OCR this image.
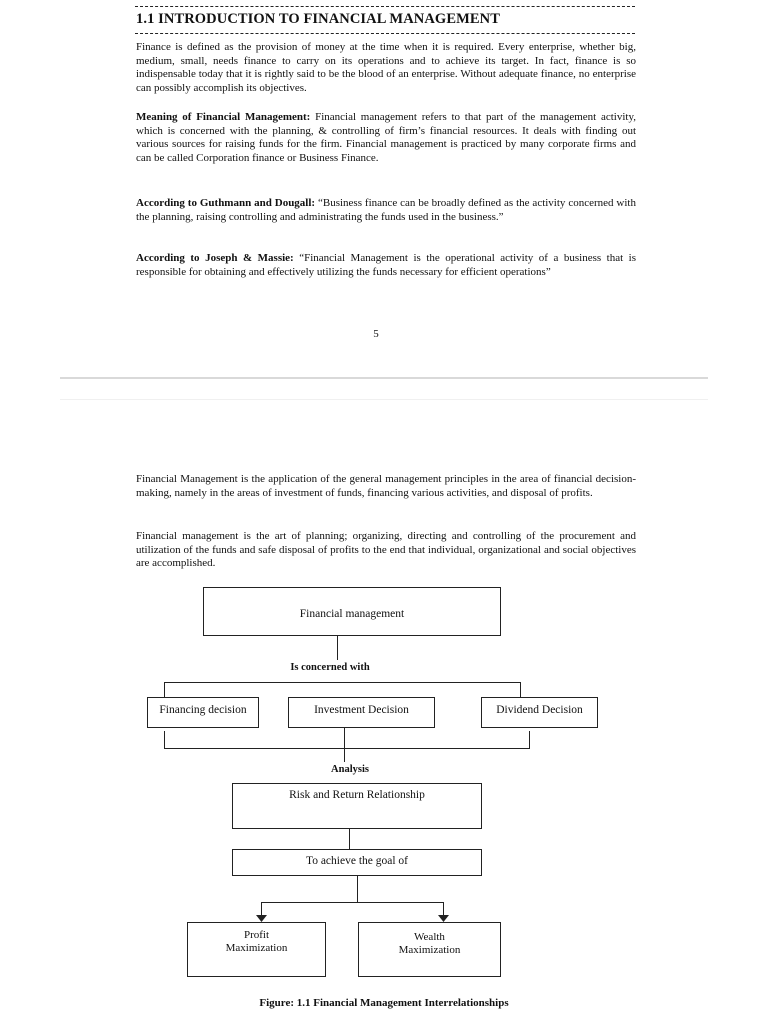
1.1 INTRODUCTION TO FINANCIAL MANAGEMENT

Finance is defined as the provision of money at the time when it is required. Every enterprise, whether big, medium, small, needs finance to carry on its operations and to achieve its target. In fact, finance is so indispensable today that it is rightly said to be the blood of an enterprise. Without adequate finance, no enterprise can possibly accomplish its objectives.

Meaning of Financial Management: Financial management refers to that part of the management activity, which is concerned with the planning, & controlling of firm’s financial resources. It deals with finding out various sources for raising funds for the firm. Financial management is practiced by many corporate firms and can be called Corporation finance or Business Finance.

According to Guthmann and Dougall: “Business finance can be broadly defined as the activity concerned with the planning, raising controlling and administrating the funds used in the business.”

According to Joseph & Massie: “Financial Management is the operational activity of a business that is responsible for obtaining and effectively utilizing the funds necessary for efficient operations”

5

Financial Management is the application of the general management principles in the area of financial decision-making, namely in the areas of investment of funds, financing various activities, and disposal of profits.

Financial management is the art of planning; organizing, directing and controlling of the procurement and utilization of the funds and safe disposal of profits to the end that individual, organizational and social objectives are accomplished.

Financial management
Is concerned with
Financing decision	Investment Decision	Dividend Decision
Analysis
Risk and Return Relationship
To achieve the goal of
Profit
Maximization
Wealth
Maximization
Figure: 1.1 Financial Management Interrelationships
